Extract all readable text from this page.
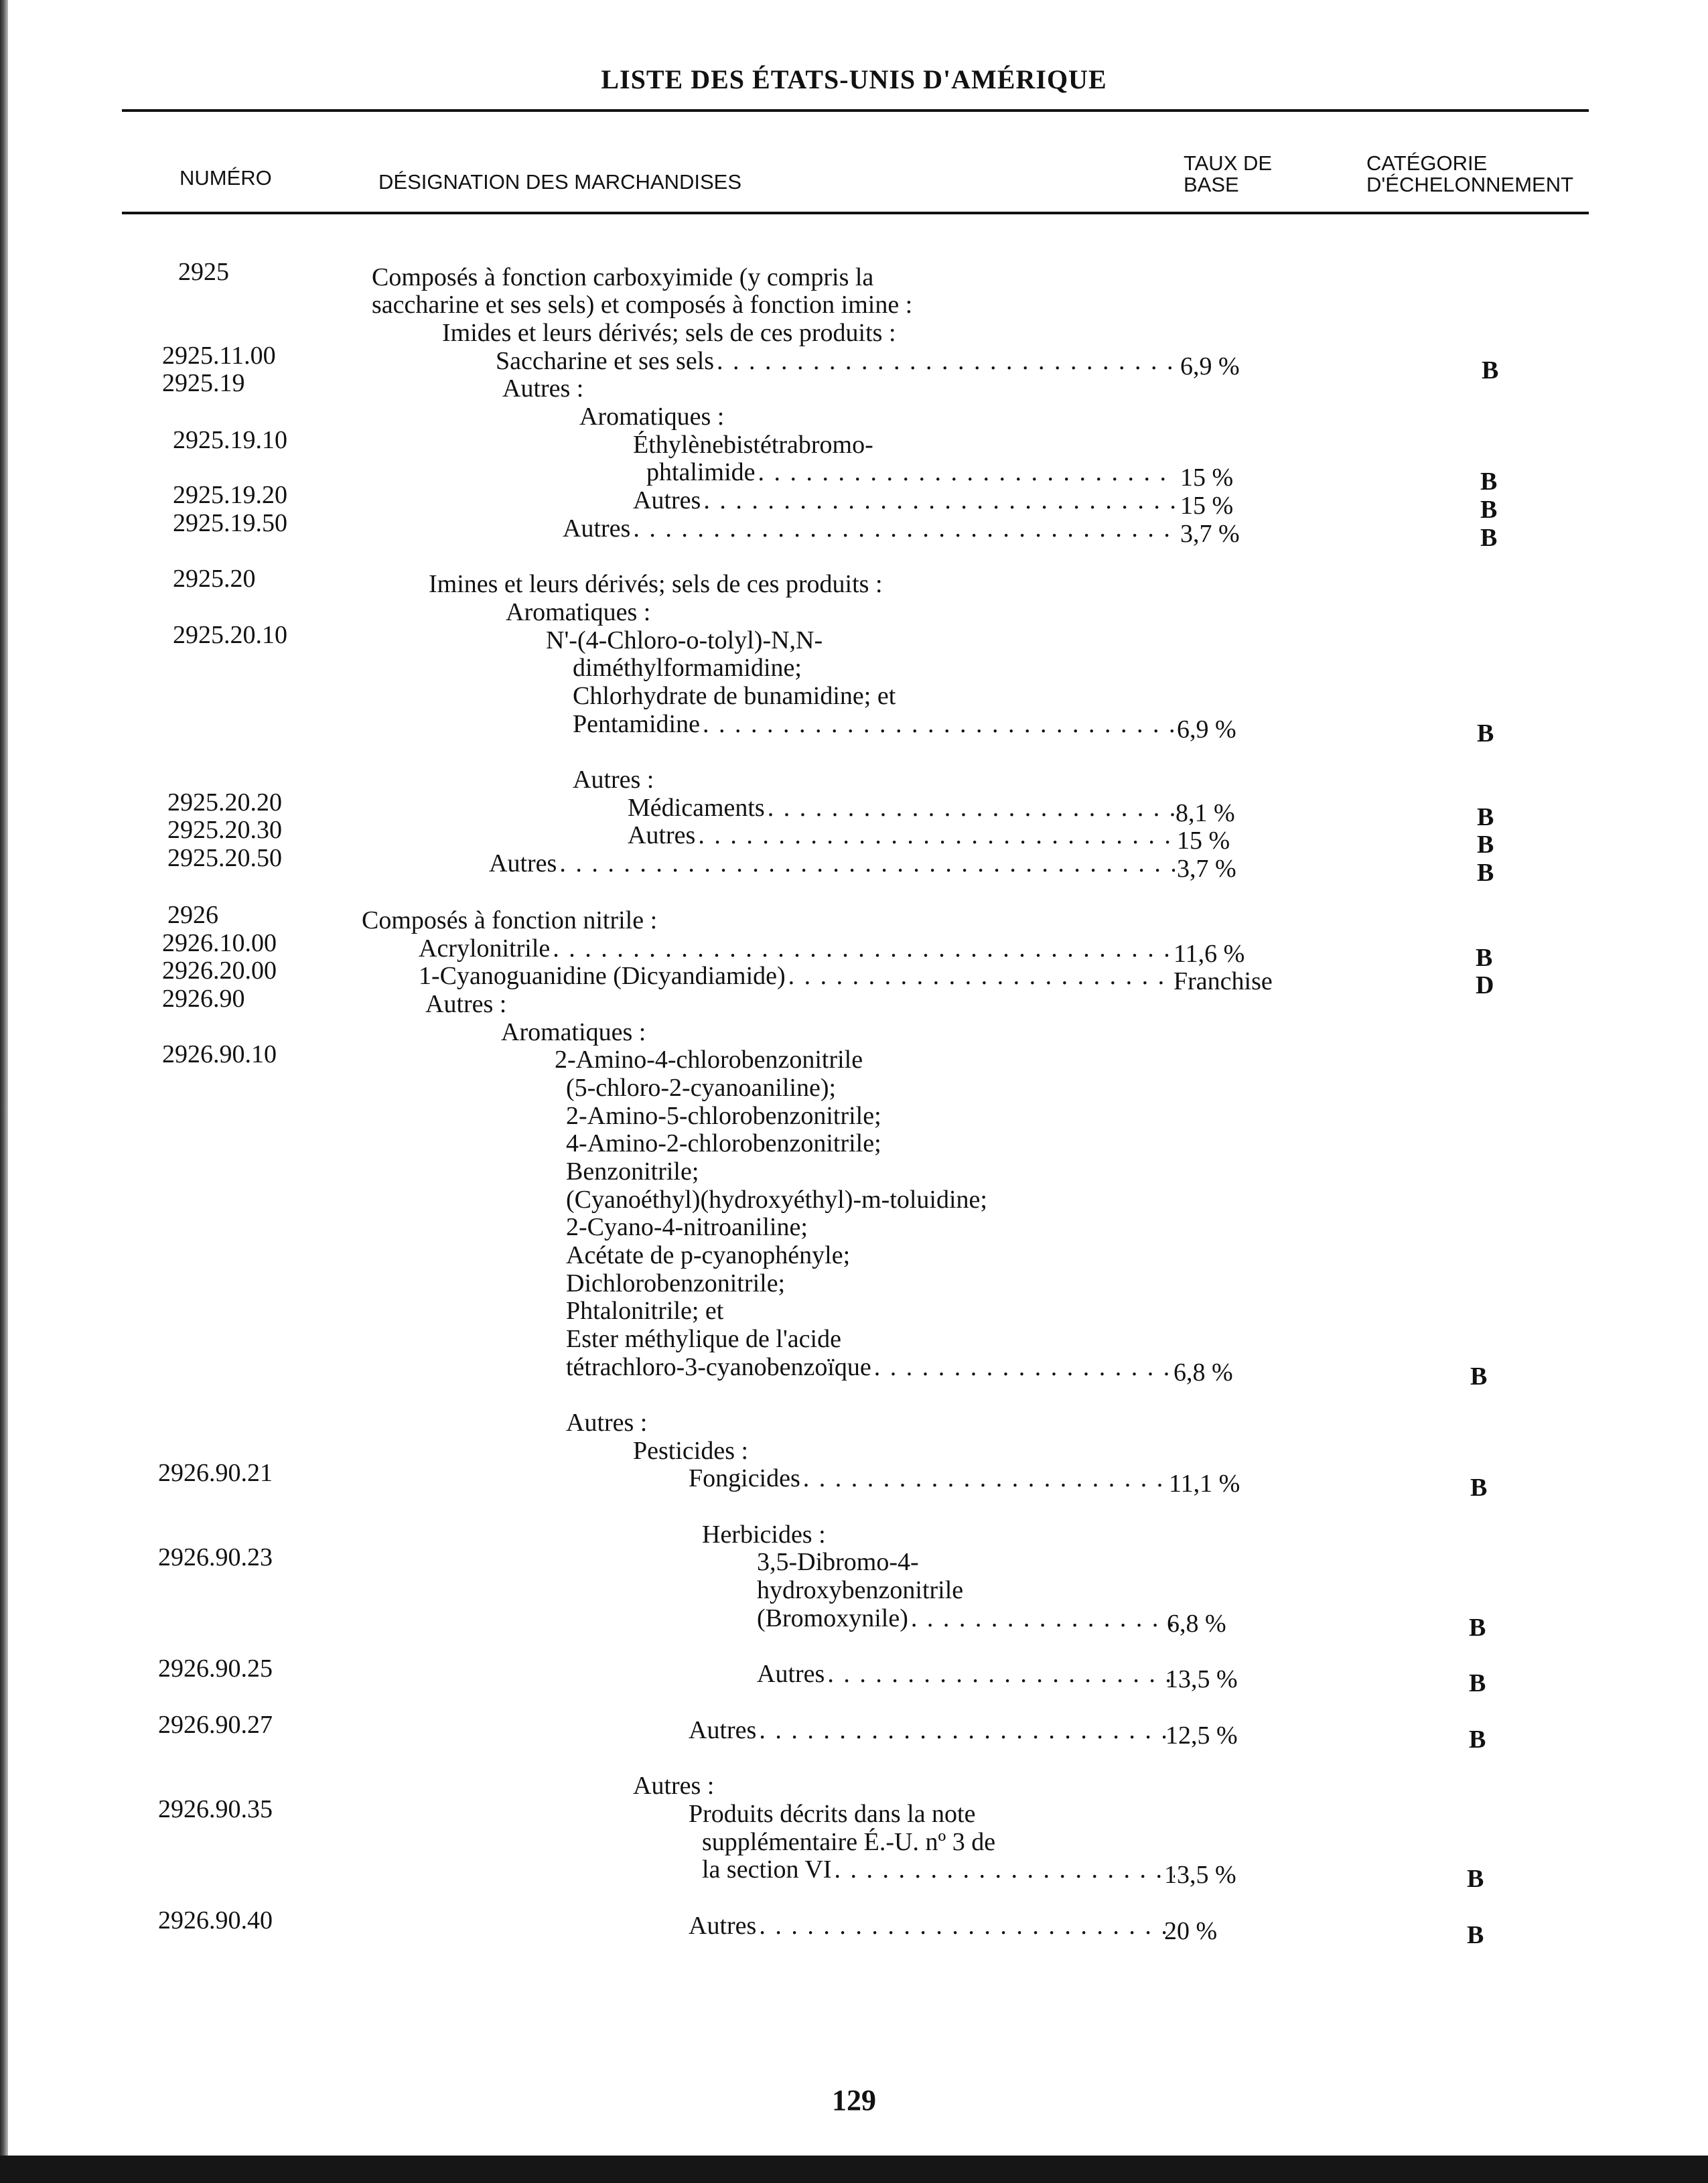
LISTE DES ÉTATS-UNIS D'AMÉRIQUE
NUMÉRO	DÉSIGNATION DES MARCHANDISES
TAUX DE BASE
CATÉGORIE D'ÉCHELONNEMENT
2925
2925.11.00
2925.19
2925.19.10
2925.19.20
2925.19.50
2925.20
2925.20.10
2925.20.20
2925.20.30
2925.20.50
2926
2926.10.00
2926.20.00
2926.90
2926.90.10
2926.90.21
2926.90.23
2926.90.25
2926.90.27
2926.90.35
2926.90.40
Composés à fonction carboxyimide (y compris la
saccharine et ses sels) et composés à fonction imine :
Imides et leurs dérivés; sels de ces produits :
Saccharine et ses sels
. . .
Autres :
Aromatiques :
Éthylènebistétrabromo-
phtalimide
. . .
Autres
. . .
Autres
. . .
Imines et leurs dérivés; sels de ces produits :
Aromatiques :
N'-(4-Chloro-o-tolyl)-N,N-
diméthylformamidine;
Chlorhydrate de bunamidine; et
Pentamidine
. . .
Autres :
Médicaments
. . .
Autres
. . .
Autres
. . .
Composés à fonction nitrile :
Acrylonitrile
. . .
1-Cyanoguanidine (Dicyandiamide)
. . .
Autres :
Aromatiques :
2-Amino-4-chlorobenzonitrile
(5-chloro-2-cyanoaniline);
2-Amino-5-chlorobenzonitrile;
4-Amino-2-chlorobenzonitrile;
Benzonitrile;
(Cyanoéthyl)(hydroxyéthyl)-m-toluidine;
2-Cyano-4-nitroaniline;
Acétate de p-cyanophényle;
Dichlorobenzonitrile;
Phtalonitrile; et
Ester méthylique de l'acide
tétrachloro-3-cyanobenzoïque
. . .
Autres :
Pesticides :
Fongicides
. . .
Herbicides :
3,5-Dibromo-4-
hydroxybenzonitrile
(Bromoxynile)
. . .
Autres
. . .
Autres
. . .
Autres :
Produits décrits dans la note
supplémentaire É.-U. nº 3 de
la section VI
. . .
Autres
. . .
6,9 %
15 %
15 %
3,7 %
6,9 %
8,1 %
15 %
3,7 %
11,6 %
Franchise
6,8 %
11,1 %
6,8 %
13,5 %
12,5 %
13,5 %
20 %
B
B
B
B
B
B
B
B
B
D
B
B
B
B
B
B
B
129
